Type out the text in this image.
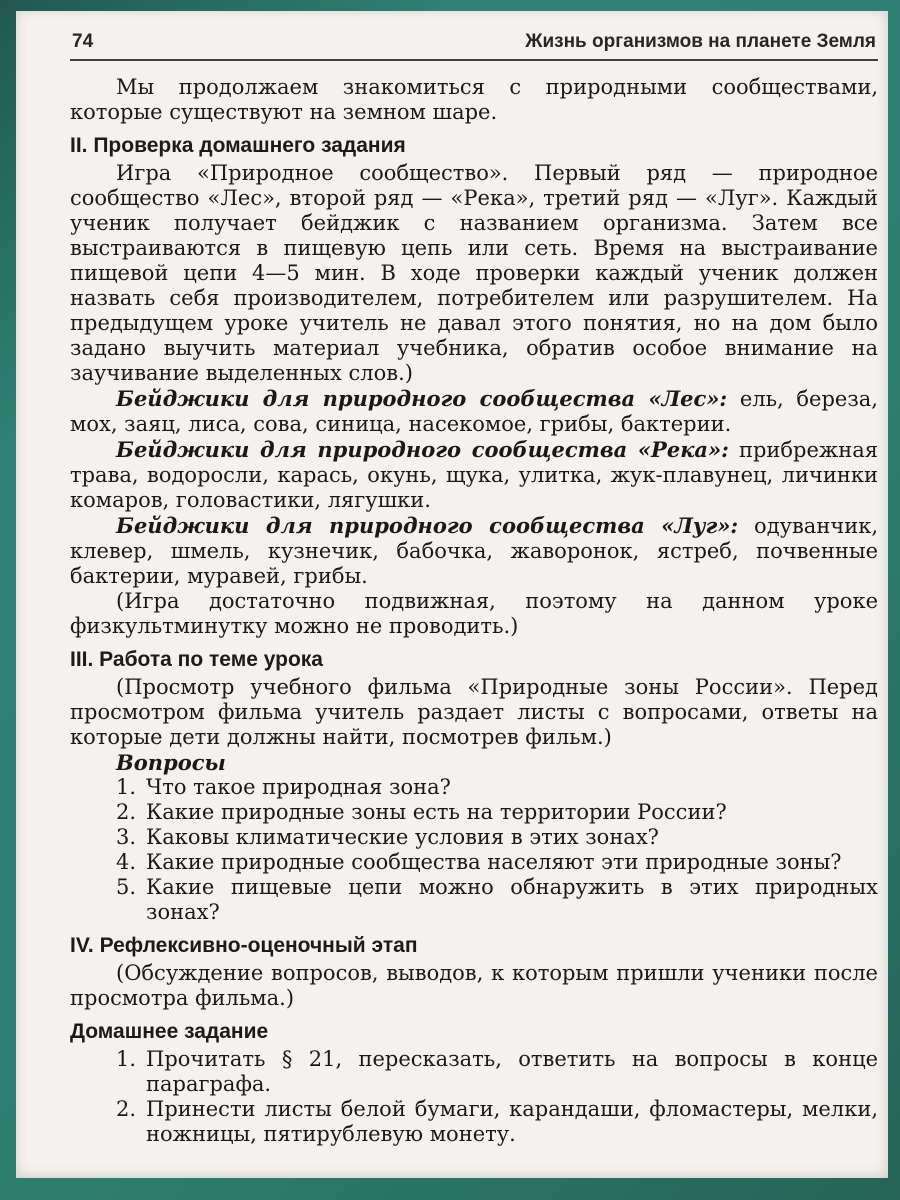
74	Жизнь организмов на планете Земля

Мы продолжаем знакомиться с природными сообществами, которые существуют на земном шаре.

II. Проверка домашнего задания

Игра «Природное сообщество». Первый ряд — природное сообщество «Лес», второй ряд — «Река», третий ряд — «Луг». Каждый ученик получает бейджик с названием организма. Затем все выстраиваются в пищевую цепь или сеть. Время на выстраивание пищевой цепи 4—5 мин. В ходе проверки каждый ученик должен назвать себя производителем, потребителем или разрушителем. На предыдущем уроке учитель не давал этого понятия, но на дом было задано выучить материал учебника, обратив особое внимание на заучивание выделенных слов.)

Бейджики для природного сообщества «Лес»: ель, береза, мох, заяц, лиса, сова, синица, насекомое, грибы, бактерии.

Бейджики для природного сообщества «Река»: прибрежная трава, водоросли, карась, окунь, щука, улитка, жук-плавунец, личинки комаров, головастики, лягушки.

Бейджики для природного сообщества «Луг»: одуванчик, клевер, шмель, кузнечик, бабочка, жаворонок, ястреб, почвенные бактерии, муравей, грибы.

(Игра достаточно подвижная, поэтому на данном уроке физкультминутку можно не проводить.)

III. Работа по теме урока

(Просмотр учебного фильма «Природные зоны России». Перед просмотром фильма учитель раздает листы с вопросами, ответы на которые дети должны найти, посмотрев фильм.)

Вопросы

1. Что такое природная зона?
2. Какие природные зоны есть на территории России?
3. Каковы климатические условия в этих зонах?
4. Какие природные сообщества населяют эти природные зоны?
5. Какие пищевые цепи можно обнаружить в этих природных зонах?
IV. Рефлексивно-оценочный этап

(Обсуждение вопросов, выводов, к которым пришли ученики после просмотра фильма.)

Домашнее задание
1. Прочитать § 21, пересказать, ответить на вопросы в конце параграфа.
2. Принести листы белой бумаги, карандаши, фломастеры, мелки, ножницы, пятирублевую монету.
